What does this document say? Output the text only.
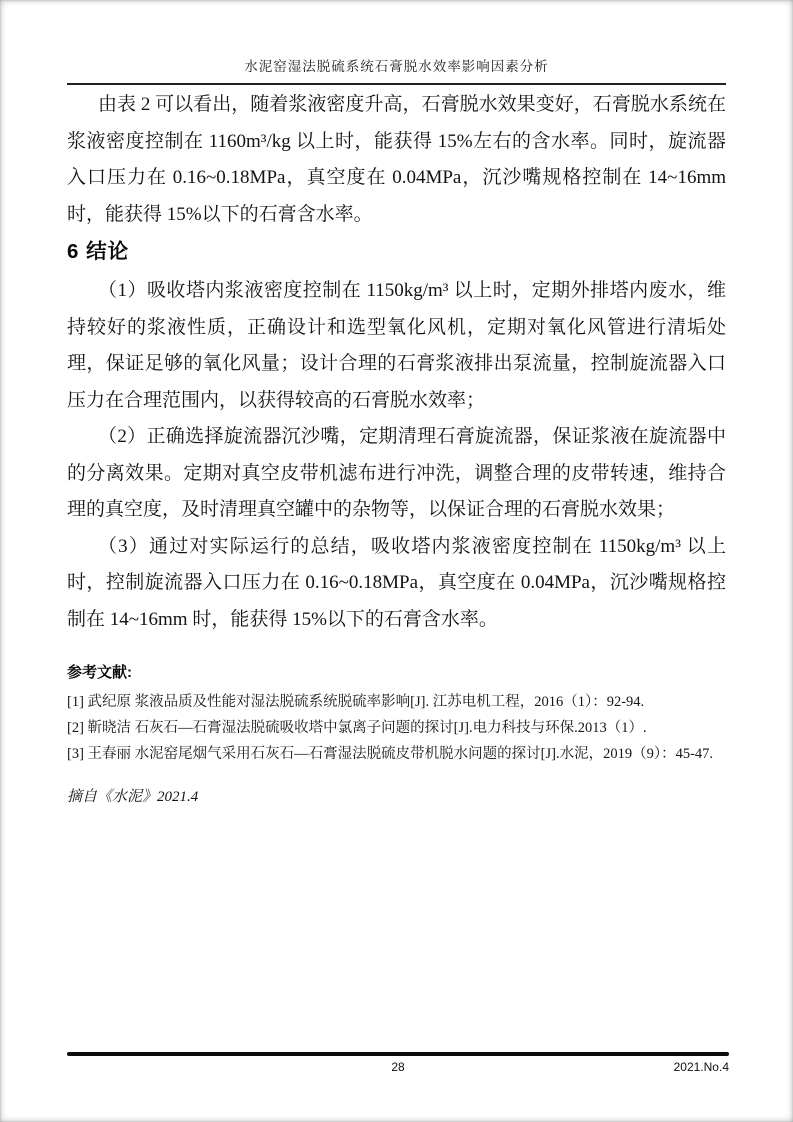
水泥窑湿法脱硫系统石膏脱水效率影响因素分析

由表 2 可以看出，随着浆液密度升高，石膏脱水效果变好，石膏脱水系统在浆液密度控制在 1160m³/kg 以上时，能获得 15%左右的含水率。同时，旋流器入口压力在 0.16~0.18MPa，真空度在 0.04MPa，沉沙嘴规格控制在 14~16mm 时，能获得 15%以下的石膏含水率。

6 结论

（1）吸收塔内浆液密度控制在 1150kg/m³ 以上时，定期外排塔内废水，维持较好的浆液性质，正确设计和选型氧化风机，定期对氧化风管进行清垢处理，保证足够的氧化风量；设计合理的石膏浆液排出泵流量，控制旋流器入口压力在合理范围内，以获得较高的石膏脱水效率；

（2）正确选择旋流器沉沙嘴，定期清理石膏旋流器，保证浆液在旋流器中的分离效果。定期对真空皮带机滤布进行冲洗，调整合理的皮带转速，维持合理的真空度，及时清理真空罐中的杂物等，以保证合理的石膏脱水效果；

（3）通过对实际运行的总结，吸收塔内浆液密度控制在 1150kg/m³ 以上时，控制旋流器入口压力在 0.16~0.18MPa，真空度在 0.04MPa，沉沙嘴规格控制在 14~16mm 时，能获得 15%以下的石膏含水率。

参考文献:
[1] 武纪原 浆液品质及性能对湿法脱硫系统脱硫率影响[J]. 江苏电机工程，2016（1）：92-94.
[2] 靳晓洁 石灰石—石膏湿法脱硫吸收塔中氯离子问题的探讨[J].电力科技与环保.2013（1）.
[3] 王春丽 水泥窑尾烟气采用石灰石—石膏湿法脱硫皮带机脱水问题的探讨[J].水泥，2019（9）：45-47.
摘自《水泥》2021.4
28	2021.No.4
